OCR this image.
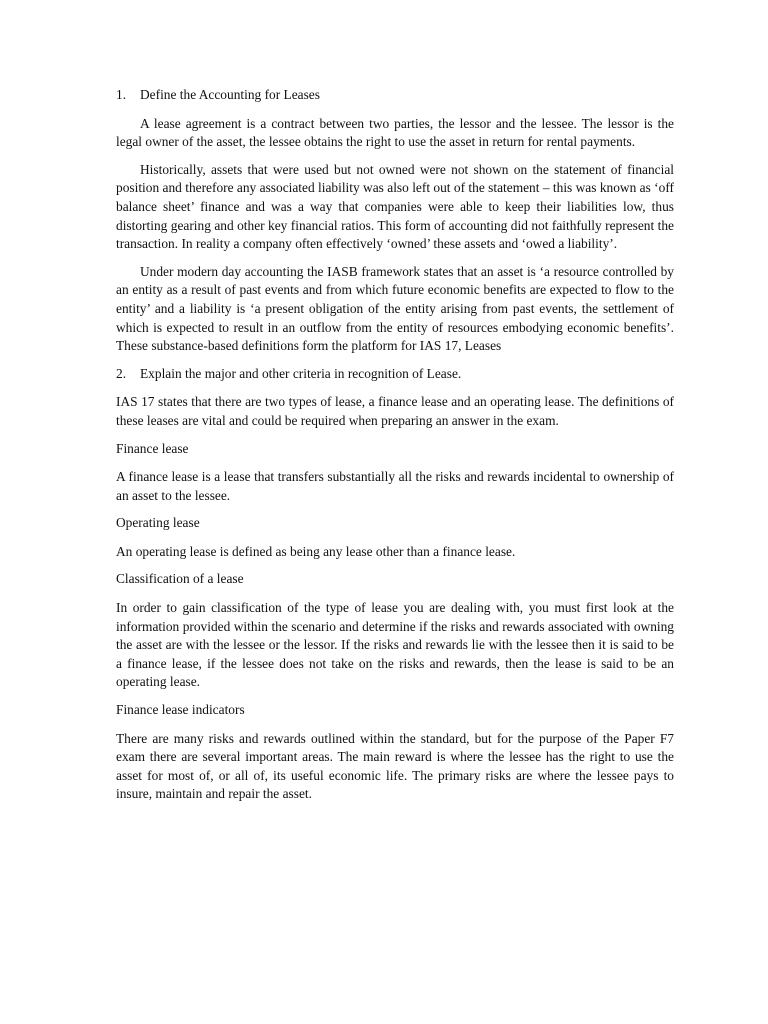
1.	Define the Accounting for Leases

A lease agreement is a contract between two parties, the lessor and the lessee. The lessor is the legal owner of the asset, the lessee obtains the right to use the asset in return for rental payments.

Historically, assets that were used but not owned were not shown on the statement of financial position and therefore any associated liability was also left out of the statement – this was known as ‘off balance sheet’ finance and was a way that companies were able to keep their liabilities low, thus distorting gearing and other key financial ratios. This form of accounting did not faithfully represent the transaction. In reality a company often effectively ‘owned’ these assets and ‘owed a liability’.

Under modern day accounting the IASB framework states that an asset is ‘a resource controlled by an entity as a result of past events and from which future economic benefits are expected to flow to the entity’ and a liability is ‘a present obligation of the entity arising from past events, the settlement of which is expected to result in an outflow from the entity of resources embodying economic benefits’. These substance-based definitions form the platform for IAS 17, Leases

2.	Explain the major and other criteria in recognition of Lease.

IAS 17 states that there are two types of lease, a finance lease and an operating lease. The definitions of these leases are vital and could be required when preparing an answer in the exam.

Finance lease

A finance lease is a lease that transfers substantially all the risks and rewards incidental to ownership of an asset to the lessee.

Operating lease

An operating lease is defined as being any lease other than a finance lease.

Classification of a lease

In order to gain classification of the type of lease you are dealing with, you must first look at the information provided within the scenario and determine if the risks and rewards associated with owning the asset are with the lessee or the lessor. If the risks and rewards lie with the lessee then it is said to be a finance lease, if the lessee does not take on the risks and rewards, then the lease is said to be an operating lease.

Finance lease indicators

There are many risks and rewards outlined within the standard, but for the purpose of the Paper F7 exam there are several important areas. The main reward is where the lessee has the right to use the asset for most of, or all of, its useful economic life. The primary risks are where the lessee pays to insure, maintain and repair the asset.
